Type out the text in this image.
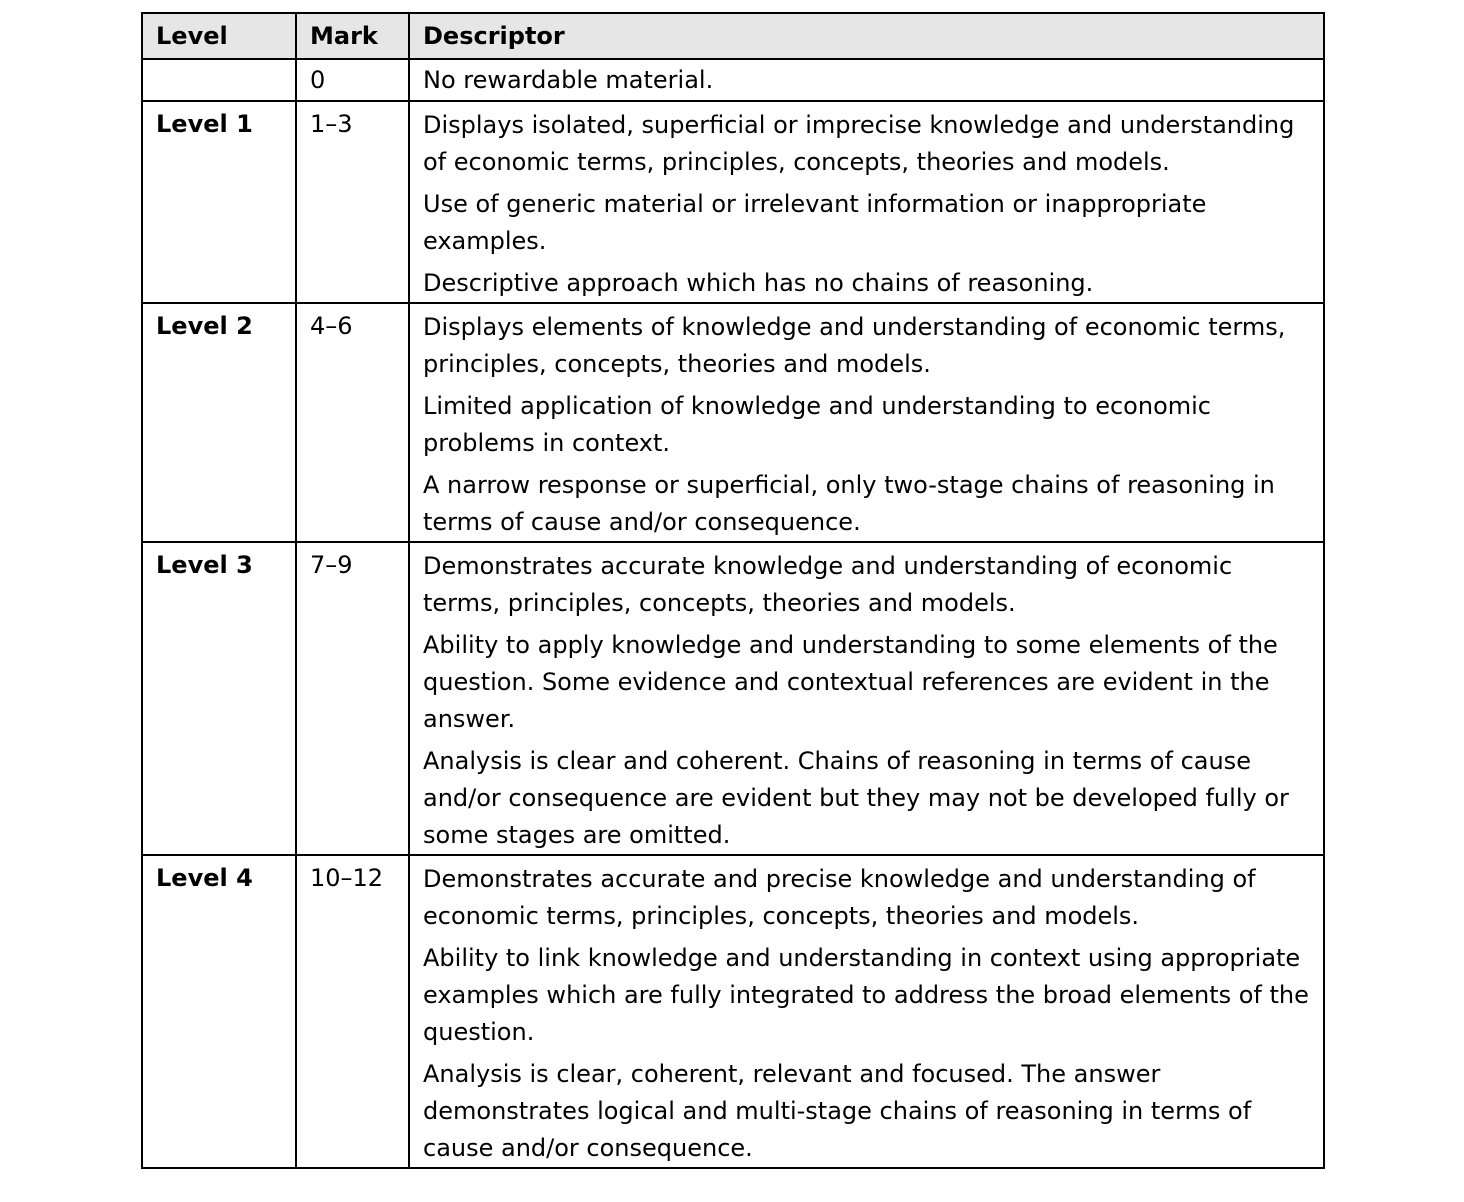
Level	Mark	Descriptor
	0	No rewardable material.

Level 1	1–3	Displays isolated, superficial or imprecise knowledge and understanding of economic terms, principles, concepts, theories and models.
Use of generic material or irrelevant information or inappropriate examples.
Descriptive approach which has no chains of reasoning.

Level 2	4–6	Displays elements of knowledge and understanding of economic terms, principles, concepts, theories and models.
Limited application of knowledge and understanding to economic problems in context.
A narrow response or superficial, only two-stage chains of reasoning in terms of cause and/or consequence.

Level 3	7–9	Demonstrates accurate knowledge and understanding of economic terms, principles, concepts, theories and models.
Ability to apply knowledge and understanding to some elements of the question. Some evidence and contextual references are evident in the answer.
Analysis is clear and coherent. Chains of reasoning in terms of cause and/or consequence are evident but they may not be developed fully or some stages are omitted.

Level 4	10–12	Demonstrates accurate and precise knowledge and understanding of economic terms, principles, concepts, theories and models.
Ability to link knowledge and understanding in context using appropriate examples which are fully integrated to address the broad elements of the question.
Analysis is clear, coherent, relevant and focused. The answer demonstrates logical and multi-stage chains of reasoning in terms of cause and/or consequence.
